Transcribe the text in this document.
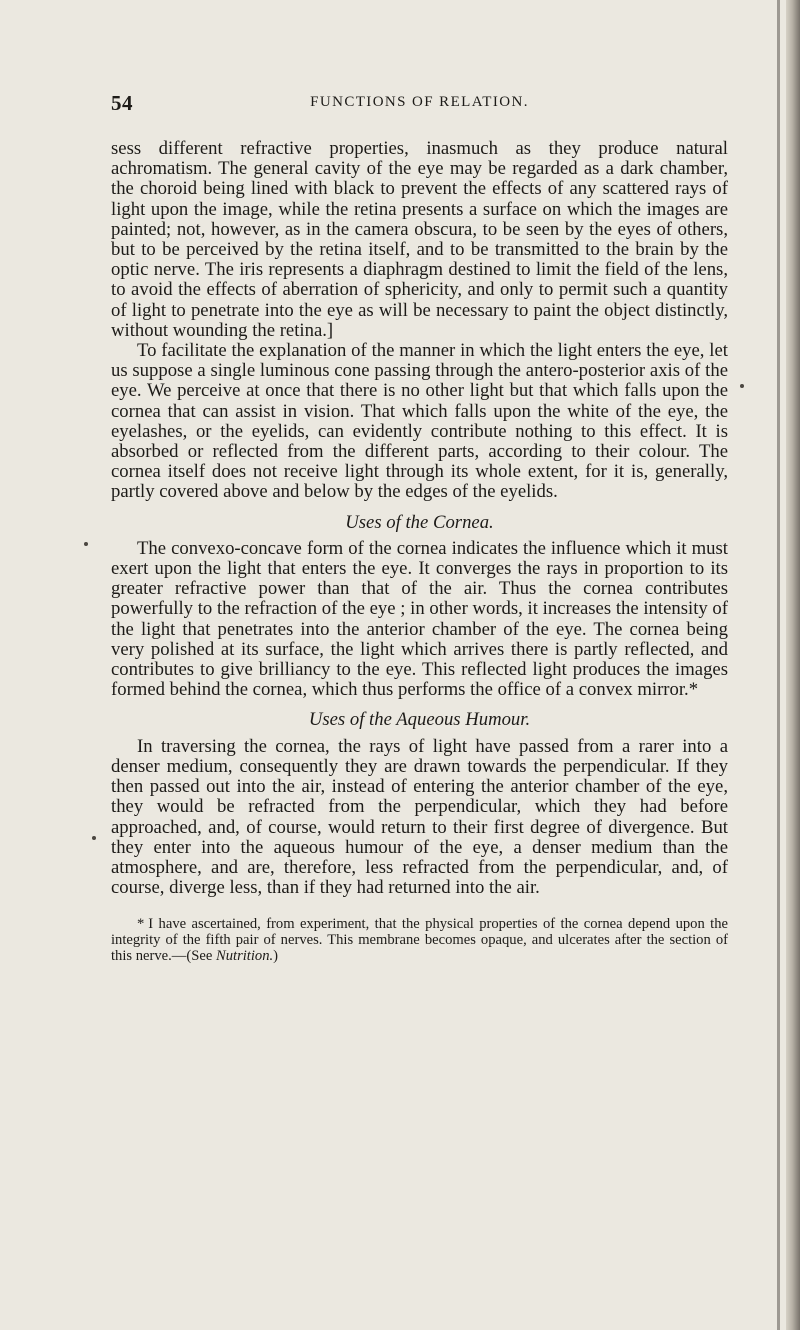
54	FUNCTIONS OF RELATION.

sess different refractive properties, inasmuch as they produce natural achromatism. The general cavity of the eye may be regarded as a dark chamber, the choroid being lined with black to prevent the effects of any scattered rays of light upon the image, while the retina presents a surface on which the images are painted; not, however, as in the camera obscura, to be seen by the eyes of others, but to be perceived by the retina itself, and to be transmitted to the brain by the optic nerve. The iris represents a diaphragm destined to limit the field of the lens, to avoid the effects of aberration of sphericity, and only to permit such a quantity of light to penetrate into the eye as will be necessary to paint the object distinctly, without wounding the retina.]

To facilitate the explanation of the manner in which the light enters the eye, let us suppose a single luminous cone passing through the antero-posterior axis of the eye. We perceive at once that there is no other light but that which falls upon the cornea that can assist in vision. That which falls upon the white of the eye, the eyelashes, or the eyelids, can evidently contribute nothing to this effect. It is absorbed or reflected from the different parts, according to their colour. The cornea itself does not receive light through its whole extent, for it is, generally, partly covered above and below by the edges of the eyelids.

Uses of the Cornea.

The convexo-concave form of the cornea indicates the influence which it must exert upon the light that enters the eye. It converges the rays in proportion to its greater refractive power than that of the air. Thus the cornea contributes powerfully to the refraction of the eye ; in other words, it increases the intensity of the light that penetrates into the anterior chamber of the eye. The cornea being very polished at its surface, the light which arrives there is partly reflected, and contributes to give brilliancy to the eye. This reflected light produces the images formed behind the cornea, which thus performs the office of a convex mirror.*

Uses of the Aqueous Humour.

In traversing the cornea, the rays of light have passed from a rarer into a denser medium, consequently they are drawn towards the perpendicular. If they then passed out into the air, instead of entering the anterior chamber of the eye, they would be refracted from the perpendicular, which they had before approached, and, of course, would return to their first degree of divergence. But they enter into the aqueous humour of the eye, a denser medium than the atmosphere, and are, therefore, less refracted from the perpendicular, and, of course, diverge less, than if they had returned into the air.

* I have ascertained, from experiment, that the physical properties of the cornea depend upon the integrity of the fifth pair of nerves. This membrane becomes opaque, and ulcerates after the section of this nerve.—(See Nutrition.)
